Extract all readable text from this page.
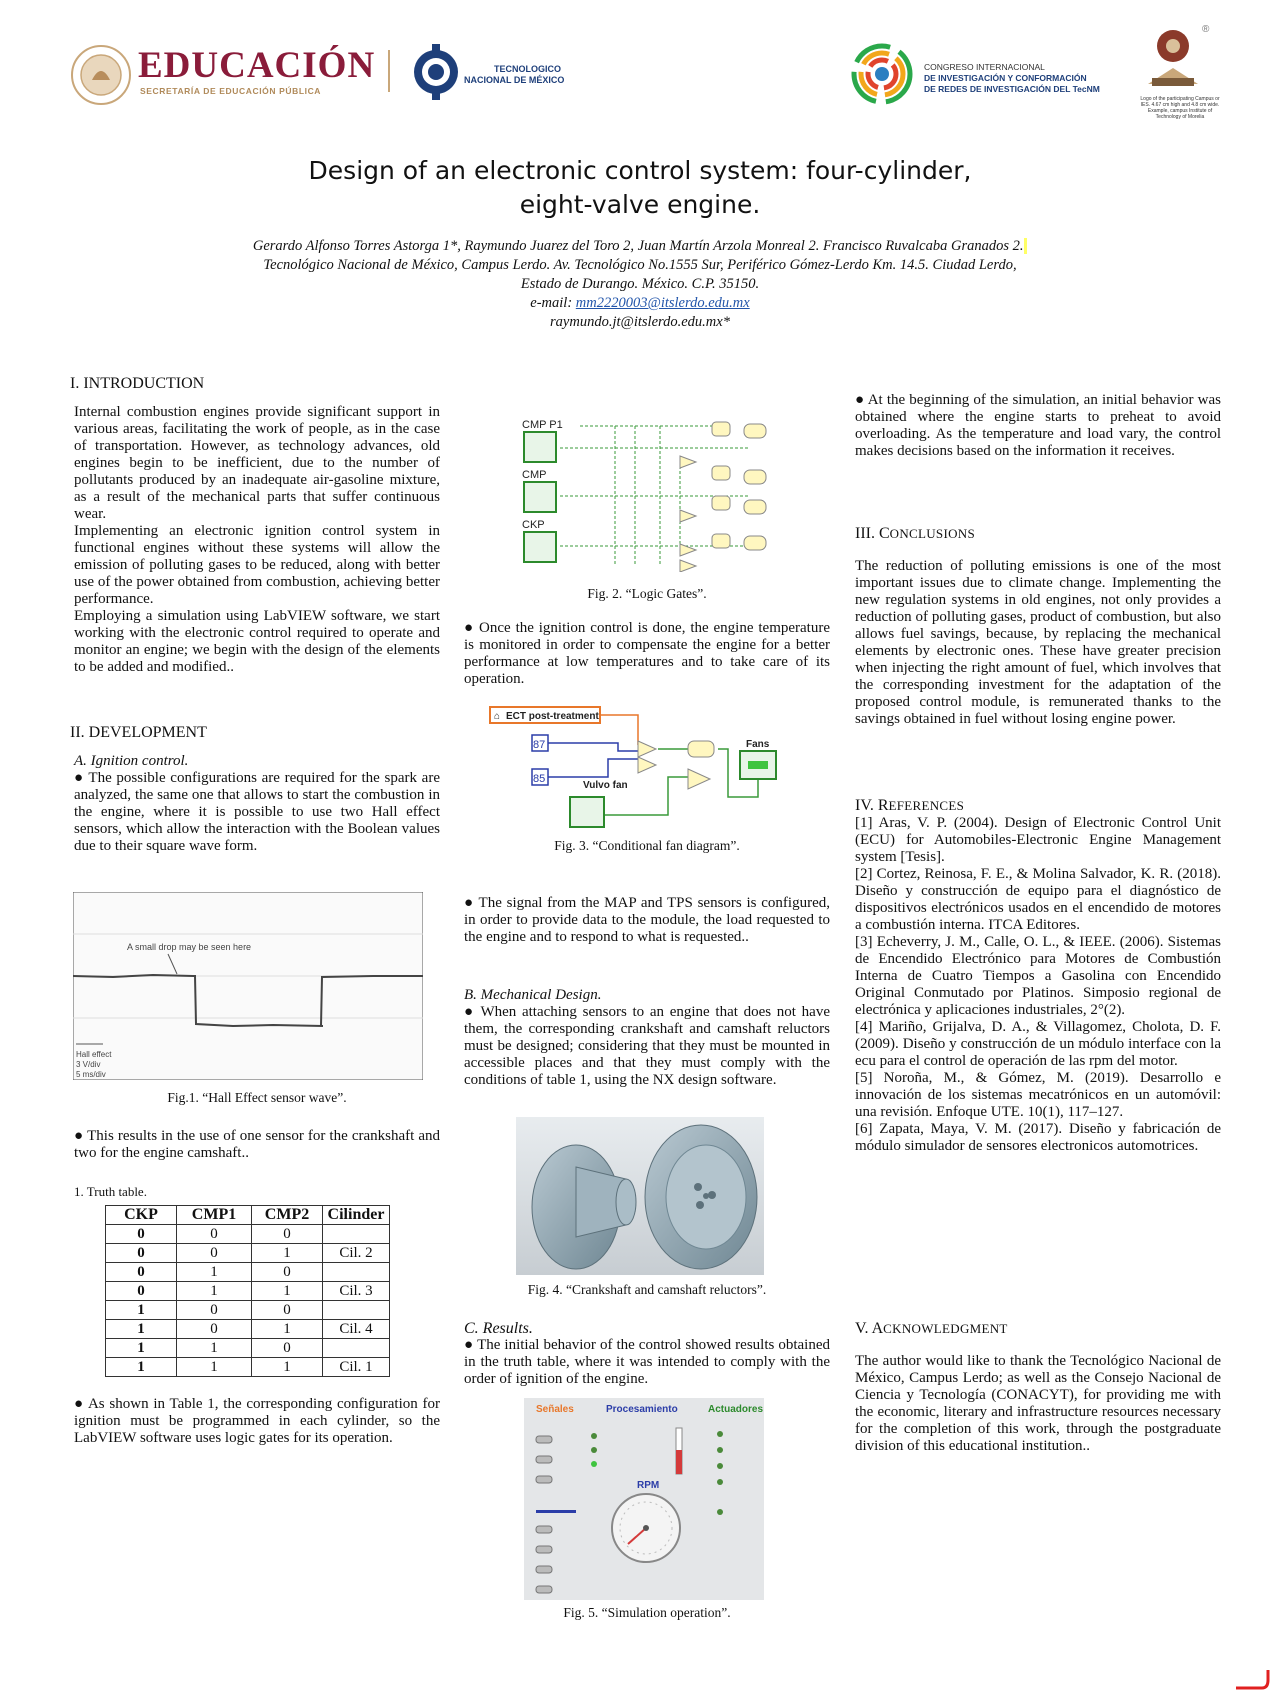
EDUCACIÓN
SECRETARÍA DE EDUCACIÓN PÚBLICA
TECNOLOGICO
NACIONAL DE MÉXICO
CONGRESO INTERNACIONAL
DE INVESTIGACIÓN Y CONFORMACIÓN
DE REDES DE INVESTIGACIÓN DEL TecNM
®
Logo of the participating Campus or
IES. 4.67 cm high and 4.8 cm wide.
Example, campus Institute of
Technology of Morelia
Design of an electronic control system: four-cylinder,
eight-valve engine.
Gerardo Alfonso Torres Astorga 1*, Raymundo Juarez del Toro 2, Juan Martín Arzola Monreal 2. Francisco Ruvalcaba Granados 2.
Tecnológico Nacional de México, Campus Lerdo. Av. Tecnológico No.1555 Sur, Periférico Gómez-Lerdo Km. 14.5. Ciudad Lerdo,
Estado de Durango. México. C.P. 35150.
e-mail: mm2220003@itslerdo.edu.mx
raymundo.jt@itslerdo.edu.mx*
I. INTRODUCTION

Internal combustion engines provide significant support in various areas, facilitating the work of people, as in the case of transportation. However, as technology advances, old engines begin to be inefficient, due to the number of pollutants produced by an inadequate air-gasoline mixture, as a result of the mechanical parts that suffer continuous wear.

Implementing an electronic ignition control system in functional engines without these systems will allow the emission of polluting gases to be reduced, along with better use of the power obtained from combustion, achieving better performance.

Employing a simulation using LabVIEW software, we start working with the electronic control required to operate and monitor an engine; we begin with the design of the elements to be added and modified..

II. DEVELOPMENT
A. Ignition control.

● The possible configurations are required for the spark are analyzed, the same one that allows to start the combustion in the engine, where it is possible to use two Hall effect sensors, which allow the interaction with the Boolean values due to their square wave form.

A small drop may be seen here
Hall effect
3 V/div
5 ms/div
Fig.1. “Hall Effect sensor wave”.

● This results in the use of one sensor for the crankshaft and two for the engine camshaft..

1. Truth table.
CKP	CMP1	CMP2	Cilinder
0	0	0	
0	0	1	Cil. 2
0	1	0	
0	1	1	Cil. 3
1	0	0	
1	0	1	Cil. 4
1	1	0	
1	1	1	Cil. 1

● As shown in Table 1, the corresponding configuration for ignition must be programmed in each cylinder, so the LabVIEW software uses logic gates for its operation.

CMP P1
CMP
CKP
Fig. 2. “Logic Gates”.

● Once the ignition control is done, the engine temperature is monitored in order to compensate the engine for a better performance at low temperatures and to take care of its operation.

ECT post-treatment
⌂
87
85
Fans
Vulvo fan
Fig. 3. “Conditional fan diagram”.

● The signal from the MAP and TPS sensors is configured, in order to provide data to the module, the load requested to the engine and to respond to what is requested..

B. Mechanical Design.

● When attaching sensors to an engine that does not have them, the corresponding crankshaft and camshaft reluctors must be designed; considering that they must be mounted in accessible places and that they must comply with the conditions of table 1, using the NX design software.

Fig. 4. “Crankshaft and camshaft reluctors”.
C. Results.

● The initial behavior of the control showed results obtained in the truth table, where it was intended to comply with the order of ignition of the engine.

Señales	Procesamiento	Actuadores
RPM
Fig. 5. “Simulation operation”.

● At the beginning of the simulation, an initial behavior was obtained where the engine starts to preheat to avoid overloading. As the temperature and load vary, the control makes decisions based on the information it receives.

III. CONCLUSIONS

The reduction of polluting emissions is one of the most important issues due to climate change. Implementing the new regulation systems in old engines, not only provides a reduction of polluting gases, product of combustion, but also allows fuel savings, because, by replacing the mechanical elements by electronic ones. These have greater precision when injecting the right amount of fuel, which involves that the corresponding investment for the adaptation of the proposed control module, is remunerated thanks to the savings obtained in fuel without losing engine power.

IV. REFERENCES

[1] Aras, V. P. (2004). Design of Electronic Control Unit (ECU) for Automobiles-Electronic Engine Management system [Tesis].

[2] Cortez, Reinosa, F. E., & Molina Salvador, K. R. (2018). Diseño y construcción de equipo para el diagnóstico de dispositivos electrónicos usados en el encendido de motores a combustión interna. ITCA Editores.

[3] Echeverry, J. M., Calle, O. L., & IEEE. (2006). Sistemas de Encendido Electrónico para Motores de Combustión Interna de Cuatro Tiempos a Gasolina con Encendido Original Conmutado por Platinos. Simposio regional de electrónica y aplicaciones industriales, 2°(2).

[4] Mariño, Grijalva, D. A., & Villagomez, Cholota, D. F. (2009). Diseño y construcción de un módulo interface con la ecu para el control de operación de las rpm del motor.

[5] Noroña, M., & Gómez, M. (2019). Desarrollo e innovación de los sistemas mecatrónicos en un automóvil: una revisión. Enfoque UTE. 10(1), 117–127.

[6] Zapata, Maya, V. M. (2017). Diseño y fabricación de módulo simulador de sensores electronicos automotrices.

V. ACKNOWLEDGMENT

The author would like to thank the Tecnológico Nacional de México, Campus Lerdo; as well as the Consejo Nacional de Ciencia y Tecnología (CONACYT), for providing me with the economic, literary and infrastructure resources necessary for the completion of this work, through the postgraduate division of this educational institution..
